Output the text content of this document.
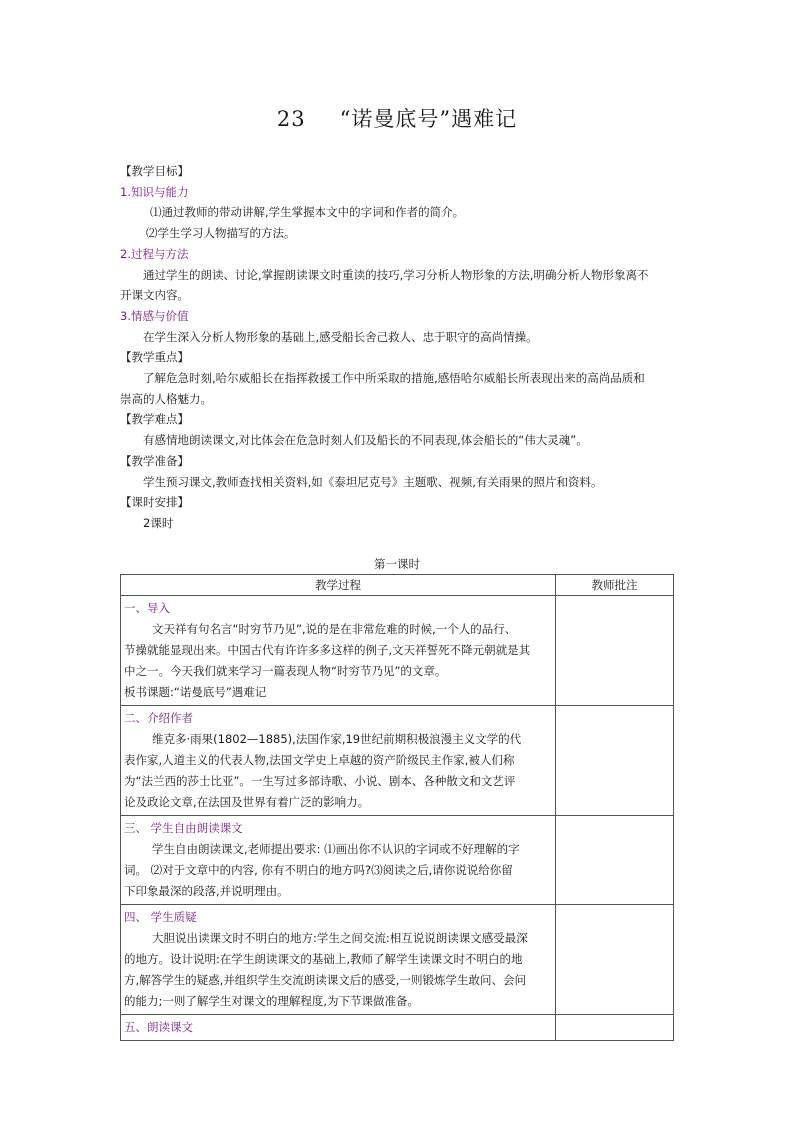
23 “诺曼底号”遇难记

【教学目标】

1.知识与能力

⑴通过教师的带动讲解,学生掌握本文中的字词和作者的简介。

⑵学生学习人物描写的方法。

2.过程与方法

通过学生的朗读、讨论,掌握朗读课文时重读的技巧,学习分析人物形象的方法,明确分析人物形象离不

开课文内容。

3.情感与价值

在学生深入分析人物形象的基础上,感受船长舍己救人、忠于职守的高尚情操。

【教学重点】

了解危急时刻,哈尔威船长在指挥救援工作中所采取的措施,感悟哈尔威船长所表现出来的高尚品质和

崇高的人格魅力。

【教学难点】

有感情地朗读课文,对比体会在危急时刻人们及船长的不同表现,体会船长的“伟大灵魂”。

【教学准备】

学生预习课文,教师查找相关资料,如《泰坦尼克号》主题歌、视频,有关雨果的照片和资料。

【课时安排】

2课时

第一课时
教学过程	教师批注

一、导入
文天祥有句名言“时穷节乃见”,说的是在非常危难的时候,一个人的品行、
节操就能显现出来。中国古代有许许多多这样的例子,文天祥誓死不降元朝就是其
中之一。今天我们就来学习一篇表现人物“时穷节乃见”的文章。
板书课题:“诺曼底号”遇难记	

二、介绍作者
维克多·雨果(1802—1885),法国作家,19世纪前期积极浪漫主义文学的代
表作家,人道主义的代表人物,法国文学史上卓越的资产阶级民主作家,被人们称
为“法兰西的莎士比亚”。一生写过多部诗歌、小说、剧本、各种散文和文艺评
论及政论文章,在法国及世界有着广泛的影响力。	

三、 学生自由朗读课文
学生自由朗读课文,老师提出要求: ⑴画出你不认识的字词或不好理解的字
词。 ⑵对于文章中的内容, 你有不明白的地方吗?⑶阅读之后,请你说说给你留
下印象最深的段落,并说明理由。	

四、 学生质疑
大胆说出读课文时不明白的地方:学生之间交流:相互说说朗读课文感受最深
的地方。设计说明:在学生朗读课文的基础上,教师了解学生读课文时不明白的地
方,解答学生的疑惑,并组织学生交流朗读课文后的感受,一则锻炼学生敢问、会问
的能力;一则了解学生对课文的理解程度,为下节课做准备。	

五、朗读课文	
